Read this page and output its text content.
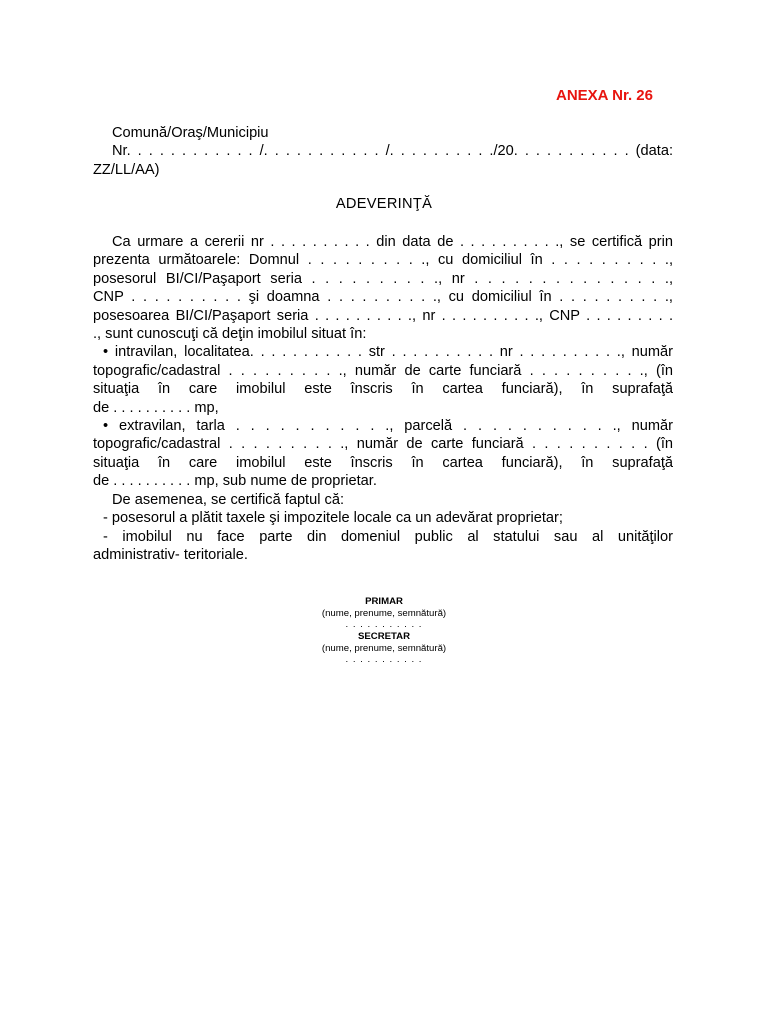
ANEXA Nr. 26

Comună/Oraş/Municipiu

Nr. . . . . . . . . . . . /. . . . . . . . . . . /. . . . . . . . . ./20. . . . . . . . . . . (data:

ZZ/LL/AA)

ADEVERINŢĂ

Ca urmare a cererii nr . . . . . . . . . . din data de . . . . . . . . . ., se certifică prin

prezenta următoarele: Domnul . . . . . . . . . ., cu domiciliul în . . . . . . . . . .,

posesorul BI/CI/Paşaport seria . . . . . . . . . ., nr . . . . . . . . . . . . . . .,

CNP . . . . . . . . . . şi doamna . . . . . . . . . ., cu domiciliul în . . . . . . . . . .,

posesoarea BI/CI/Paşaport seria . . . . . . . . . ., nr . . . . . . . . . ., CNP . . . . . . . . .

., sunt cunoscuţi că deţin imobilul situat în:

• intravilan, localitatea. . . . . . . . . . . str . . . . . . . . . . nr . . . . . . . . . ., număr

topografic/cadastral . . . . . . . . . ., număr de carte funciară . . . . . . . . . ., (în

situaţia în care imobilul este înscris în cartea funciară), în suprafaţă

de . . . . . . . . . . mp,

• extravilan, tarla . . . . . . . . . . ., parcelă . . . . . . . . . . ., număr

topografic/cadastral . . . . . . . . . ., număr de carte funciară . . . . . . . . . . (în

situaţia în care imobilul este înscris în cartea funciară), în suprafaţă

de . . . . . . . . . . mp, sub nume de proprietar.

De asemenea, se certifică faptul că:

- posesorul a plătit taxele şi impozitele locale ca un adevărat proprietar;

- imobilul nu face parte din domeniul public al statului sau al unităţilor

administrativ- teritoriale.

PRIMAR
(nume, prenume, semnătură)
. . . . . . . . . . .
SECRETAR
(nume, prenume, semnătură)
. . . . . . . . . . .
